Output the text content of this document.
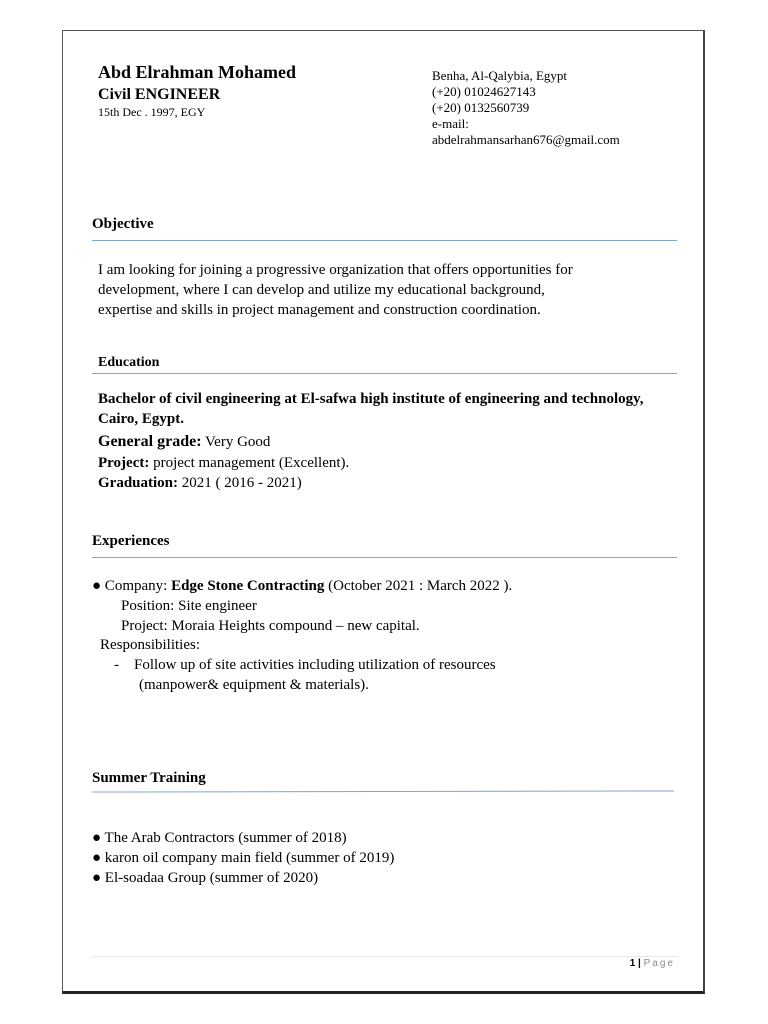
Abd Elrahman Mohamed
Civil ENGINEER
15th Dec . 1997, EGY
Benha, Al-Qalybia, Egypt
(+20) 01024627143
(+20) 0132560739
e-mail:
abdelrahmansarhan676@gmail.com
Objective
I am looking for joining a progressive organization that offers opportunities for
development, where I can develop and utilize my educational background,
expertise and skills in project management and construction coordination.
Education
Bachelor of civil engineering at El-safwa high institute of engineering and technology, Cairo, Egypt.
General grade: Very Good
Project: project management (Excellent).
Graduation: 2021 ( 2016 - 2021)
Experiences
● Company: Edge Stone Contracting (October 2021 : March 2022 ).
Position: Site engineer
Project: Moraia Heights compound – new capital.
Responsibilities:
-    Follow up of site activities including utilization of resources
(manpower& equipment & materials).
Summer Training
● The Arab Contractors (summer of 2018)
● karon oil company main field (summer of 2019)
● El-soadaa Group (summer of 2020)
1 | Page
